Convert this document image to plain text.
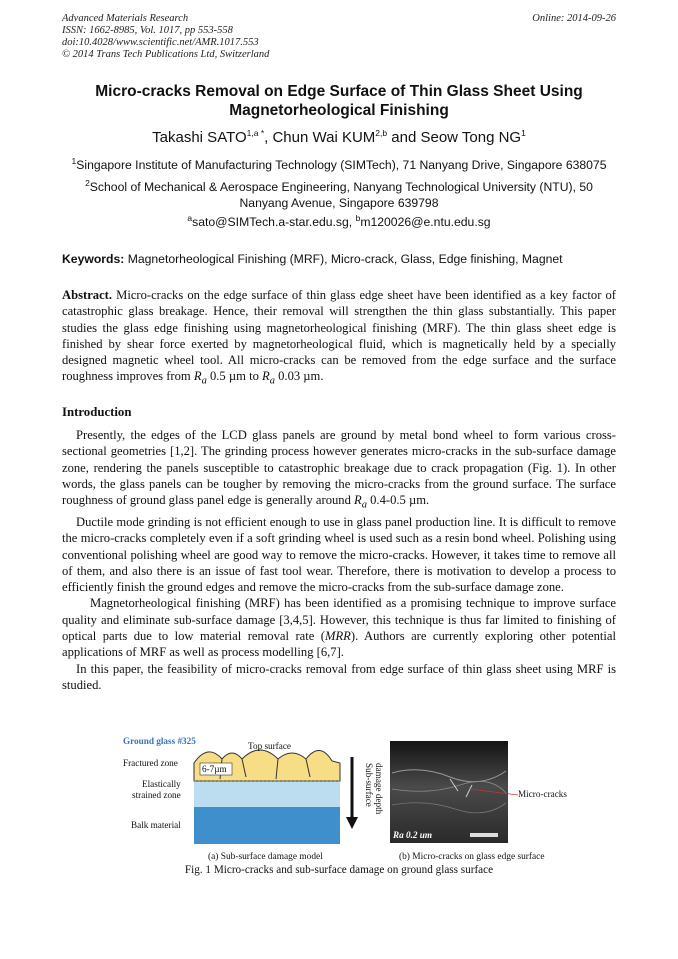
Advanced Materials Research
ISSN: 1662-8985, Vol. 1017, pp 553-558
doi:10.4028/www.scientific.net/AMR.1017.553
© 2014 Trans Tech Publications Ltd, Switzerland
Online: 2014-09-26
Micro-cracks Removal on Edge Surface of Thin Glass Sheet Using
Magnetorheological Finishing
Takashi $SATO^{1,a *}$, Chun Wai KUM$^{2,b}$ and Seow Tong $NG^1$
$^1$Singapore Institute of Manufacturing Technology (SIMTech), 71 Nanyang Drive, Singapore 638075
$^2$School of Mechanical & Aerospace Engineering, Nanyang Technological University (NTU), 50
Nanyang Avenue, Singapore 639798
$^a$sato@SIMTech.a-star.edu.sg, $^b$m120026@e.ntu.edu.sg
Keywords: Magnetorheological Finishing (MRF), Micro-crack, Glass, Edge finishing, Magnet
Abstract. Micro-cracks on the edge surface of thin glass edge sheet have been identified as a key factor of catastrophic glass breakage. Hence, their removal will strengthen the thin glass substantially. This paper studies the glass edge finishing using magnetorheological finishing (MRF). The thin glass sheet edge is finished by shear force exerted by magnetorheological fluid, which is magnetically held by a specially designed magnetic wheel tool. All micro-cracks can be removed from the edge surface and the surface roughness improves from $R_a$ 0.5 µm to $R_a$ 0.03 µm.
Introduction

Presently, the edges of the LCD glass panels are ground by metal bond wheel to form various cross-sectional geometries [1,2]. The grinding process however generates micro-cracks in the sub-surface damage zone, rendering the panels susceptible to catastrophic breakage due to crack propagation (Fig. 1). In other words, the glass panels can be tougher by removing the micro-cracks from the ground surface. The surface roughness of ground glass panel edge is generally around $R_a$ 0.4-0.5 µm.

Ductile mode grinding is not efficient enough to use in glass panel production line. It is difficult to remove the micro-cracks completely even if a soft grinding wheel is used such as a resin bond wheel. Polishing using conventional polishing wheel are good way to remove the micro-cracks. However, it takes time to remove all of them, and also there is an issue of fast tool wear. Therefore, there is motivation to develop a process to efficiently finish the ground edges and remove the micro-cracks from the sub-surface damage zone.

Magnetorheological finishing (MRF) has been identified as a promising technique to improve surface quality and eliminate sub-surface damage [3,4,5]. However, this technique is thus far limited to finishing of optical parts due to low material removal rate (MRR). Authors are currently exploring other potential applications of MRF as well as process modelling [6,7].

In this paper, the feasibility of micro-cracks removal from edge surface of thin glass sheet using MRF is studied.

Ground glass #325
6-7µm
Top surface
Fractured zone
Elastically
strained zone
Balk material
Sub-surface damage depth
(a) Sub-surface damage model
Micro-cracks
Ra 0.2 um
(b) Micro-cracks on glass edge surface
Fig. 1 Micro-cracks and sub-surface damage on ground glass surface
